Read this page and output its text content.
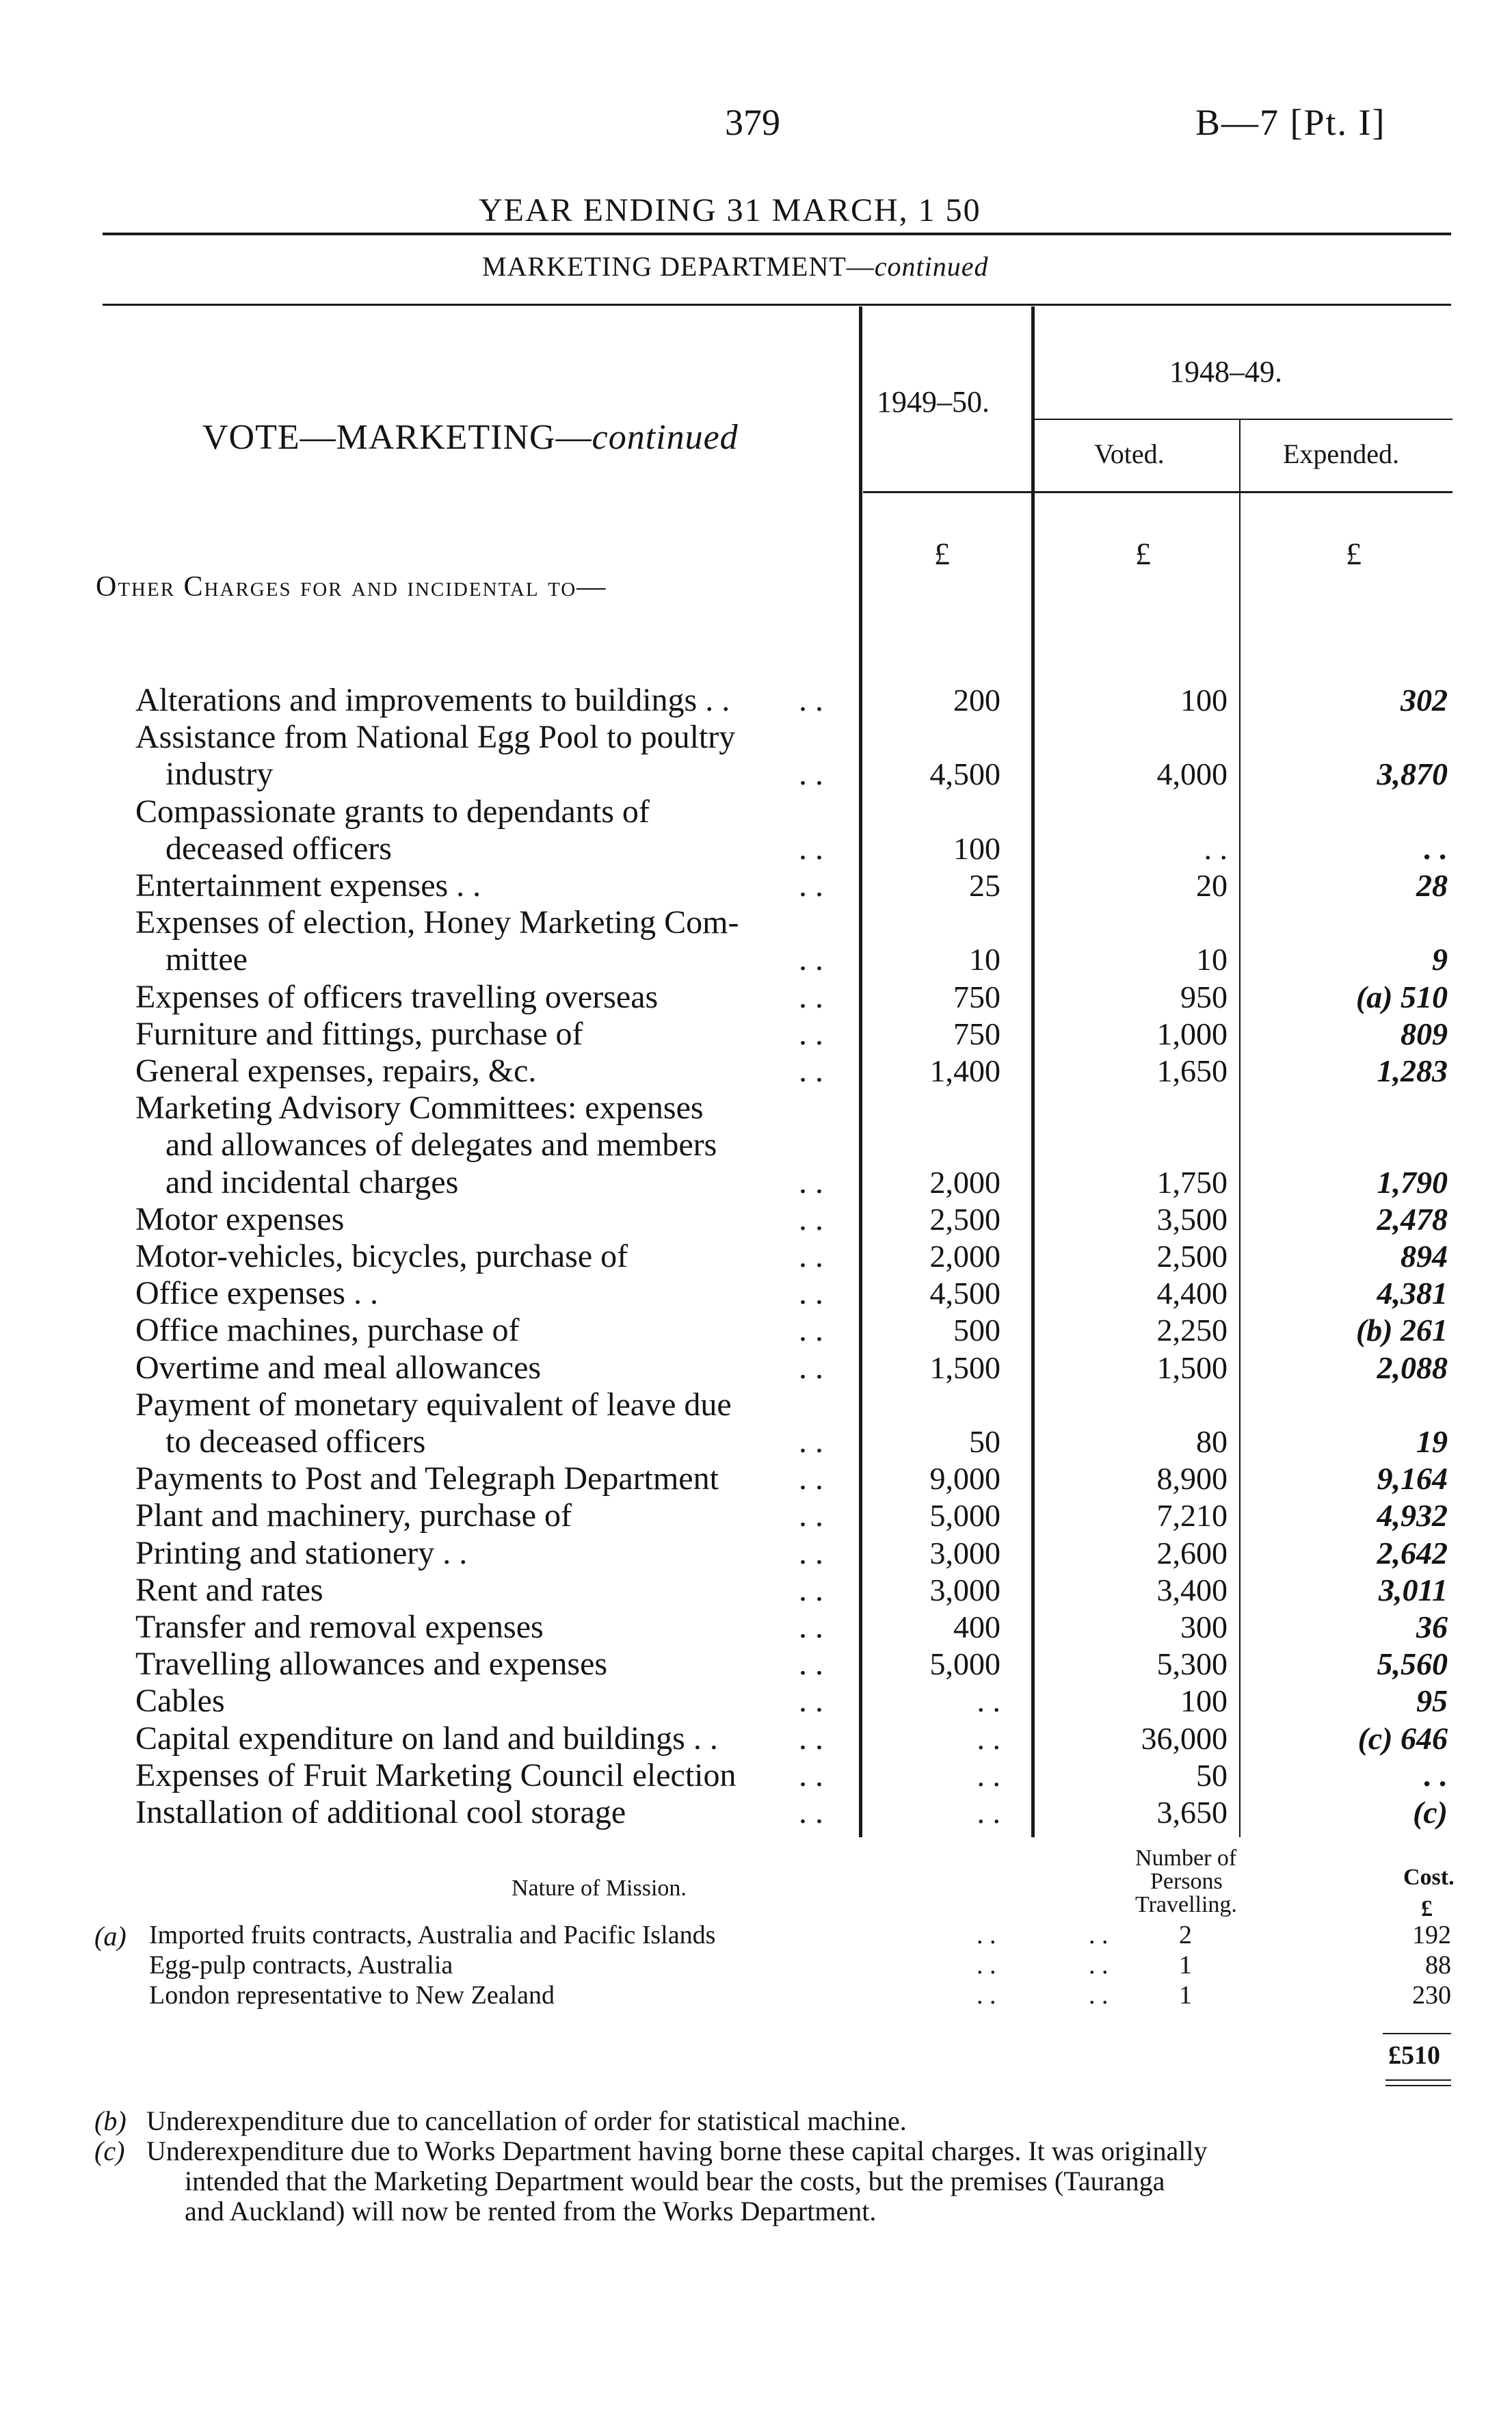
379	B—7 [Pt. I]
YEAR ENDING 31 MARCH, 1 50
MARKETING DEPARTMENT—continued
VOTE—MARKETING—continued
1949–50.
1948–49.
Voted.	Expended.
£	£	£
Other Charges for and incidental to—
Alterations and improvements to buildings . . . .	200	100	302
Assistance from National Egg Pool to poultry
industry	. .	4,500	4,000	3,870
Compassionate grants to dependants of
deceased officers	. .	100	. .	. .
Entertainment expenses . .	. .	25	20	28
Expenses of election, Honey Marketing Com-
mittee	. .	10	10	9
Expenses of officers travelling overseas	. .	750	950	(a) 510
Furniture and fittings, purchase of	. .	750	1,000	809
General expenses, repairs, &c.	. .	1,400	1,650	1,283
Marketing Advisory Committees: expenses
and allowances of delegates and members
and incidental charges	. .	2,000	1,750	1,790
Motor expenses	. .	2,500	3,500	2,478
Motor-vehicles, bicycles, purchase of	. .	2,000	2,500	894
Office expenses . .	. .	4,500	4,400	4,381
Office machines, purchase of	. .	500	2,250	(b) 261
Overtime and meal allowances	. .	1,500	1,500	2,088
Payment of monetary equivalent of leave due
to deceased officers	. .	50	80	19
Payments to Post and Telegraph Department . .	9,000	8,900	9,164
Plant and machinery, purchase of	. .	5,000	7,210	4,932
Printing and stationery . .	. .	3,000	2,600	2,642
Rent and rates	. .	3,000	3,400	3,011
Transfer and removal expenses	. .	400	300	36
Travelling allowances and expenses	. .	5,000	5,300	5,560
Cables	. .	. .	100	95
Capital expenditure on land and buildings . . . .	. .	36,000	(c) 646
Expenses of Fruit Marketing Council election . .	. .	50	. .
Installation of additional cool storage	. .	. .	3,650	(c)
Nature of Mission.
Number of
Persons
Travelling.
Cost.
£
(a) Imported fruits contracts, Australia and Pacific Islands	. .	. .	2	192
Egg-pulp contracts, Australia	. .	. .	1	88
London representative to New Zealand	. .	. .	1	230
£510
(b) Underexpenditure due to cancellation of order for statistical machine.
(c) Underexpenditure due to Works Department having borne these capital charges. It was originally
intended that the Marketing Department would bear the costs, but the premises (Tauranga
and Auckland) will now be rented from the Works Department.
